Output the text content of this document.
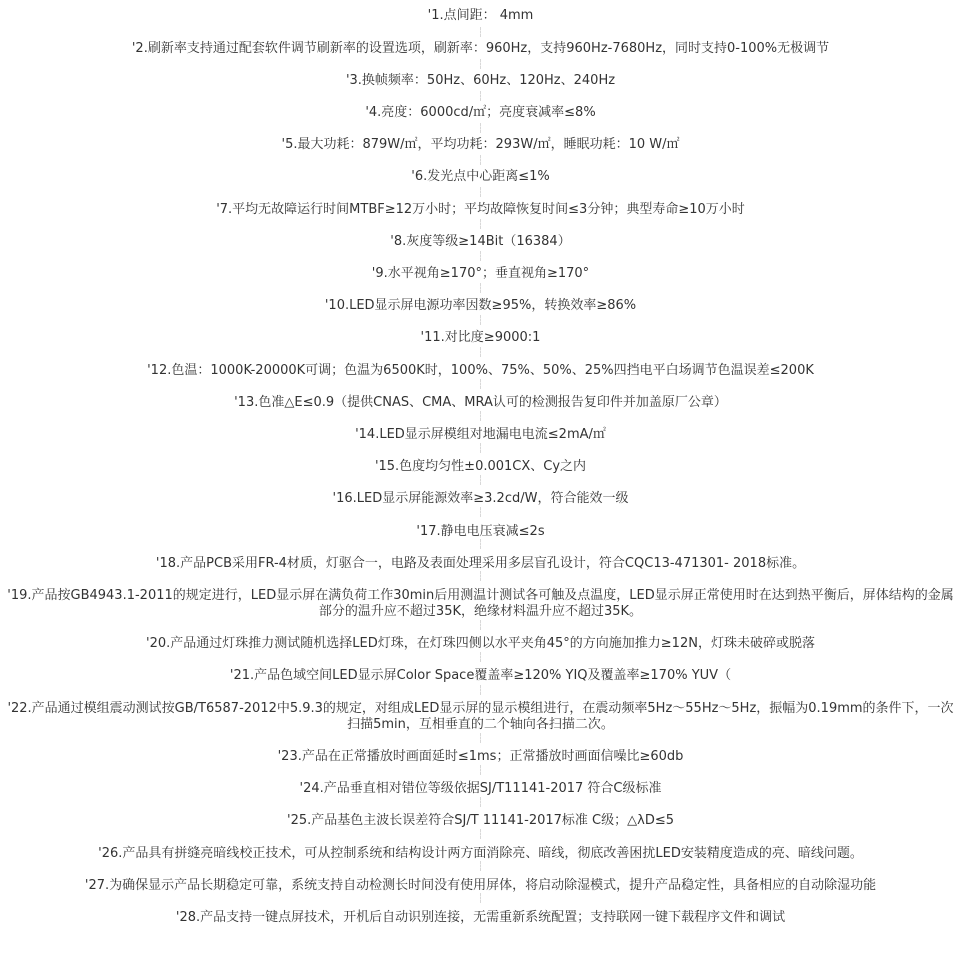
'1.点间距： 4mm
'2.刷新率支持通过配套软件调节刷新率的设置选项，刷新率：960Hz，支持960Hz-7680Hz，同时支持0-100%无极调节
'3.换帧频率：50Hz、60Hz、120Hz、240Hz
'4.亮度：6000cd/㎡；亮度衰减率≤8%
'5.最大功耗：879W/㎡，平均功耗：293W/㎡，睡眠功耗：10 W/㎡
'6.发光点中心距离≤1%
'7.平均无故障运行时间MTBF≥12万小时；平均故障恢复时间≤3分钟；典型寿命≥10万小时
'8.灰度等级≥14Bit（16384）
'9.水平视角≥170°；垂直视角≥170°
'10.LED显示屏电源功率因数≥95%，转换效率≥86%
'11.对比度≥9000:1
'12.色温：1000K-20000K可调；色温为6500K时，100%、75%、50%、25%四挡电平白场调节色温误差≤200K
'13.色准△E≤0.9（提供CNAS、CMA、MRA认可的检测报告复印件并加盖原厂公章）
'14.LED显示屏模组对地漏电电流≤2mA/㎡
'15.色度均匀性±0.001CX、Cy之内
'16.LED显示屏能源效率≥3.2cd/W，符合能效一级
'17.静电电压衰减≤2s
'18.产品PCB采用FR-4材质，灯驱合一，电路及表面处理采用多层盲孔设计，符合CQC13-471301- 2018标准。
'19.产品按GB4943.1-2011的规定进行，LED显示屏在满负荷工作30min后用测温计测试各可触及点温度，LED显示屏正常使用时在达到热平衡后，屏体结构的金属部分的温升应不超过35K，绝缘材料温升应不超过35K。
'20.产品通过灯珠推力测试随机选择LED灯珠，在灯珠四侧以水平夹角45°的方向施加推力≥12N，灯珠未破碎或脱落
'21.产品色域空间LED显示屏Color Space覆盖率≥120% YIQ及覆盖率≥170% YUV（
'22.产品通过模组震动测试按GB/T6587-2012中5.9.3的规定，对组成LED显示屏的显示模组进行，在震动频率5Hz～55Hz～5Hz，振幅为0.19mm的条件下，一次扫描5min，互相垂直的二个轴向各扫描二次。
'23.产品在正常播放时画面延时≤1ms；正常播放时画面信噪比≥60db
'24.产品垂直相对错位等级依据SJ/T11141-2017 符合C级标准
'25.产品基色主波长误差符合SJ/T 11141-2017标准 C级；△λD≤5
'26.产品具有拼缝亮暗线校正技术，可从控制系统和结构设计两方面消除亮、暗线，彻底改善困扰LED安装精度造成的亮、暗线问题。
'27.为确保显示产品长期稳定可靠，系统支持自动检测长时间没有使用屏体，将启动除湿模式，提升产品稳定性，具备相应的自动除湿功能
'28.产品支持一键点屏技术，开机后自动识别连接，无需重新系统配置；支持联网一键下载程序文件和调试
